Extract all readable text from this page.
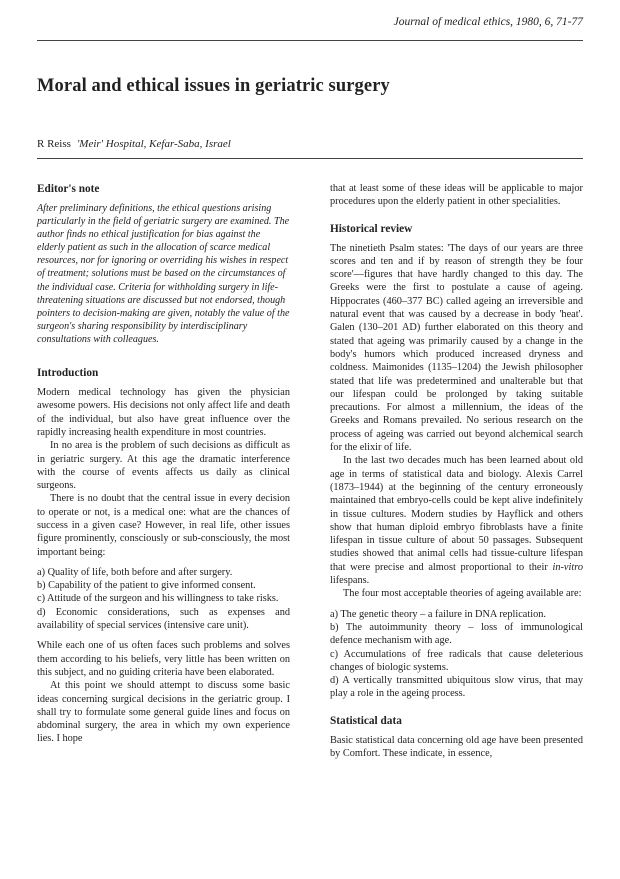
Journal of medical ethics, 1980, 6, 71-77
Moral and ethical issues in geriatric surgery
R Reiss 'Meir' Hospital, Kefar-Saba, Israel
Editor's note

After preliminary definitions, the ethical questions arising particularly in the field of geriatric surgery are examined. The author finds no ethical justification for bias against the elderly patient as such in the allocation of scarce medical resources, nor for ignoring or overriding his wishes in respect of treatment; solutions must be based on the circumstances of the individual case. Criteria for withholding surgery in life-threatening situations are discussed but not endorsed, though pointers to decision-making are given, notably the value of the surgeon's sharing responsibility by interdisciplinary consultations with colleagues.

Introduction

Modern medical technology has given the physician awesome powers. His decisions not only affect life and death of the individual, but also have great influence over the rapidly increasing health expenditure in most countries.

In no area is the problem of such decisions as difficult as in geriatric surgery. At this age the dramatic interference with the course of events affects us daily as clinical surgeons.

There is no doubt that the central issue in every decision to operate or not, is a medical one: what are the chances of success in a given case? However, in real life, other issues figure prominently, consciously or sub-consciously, the most important being:

a) Quality of life, both before and after surgery.

b) Capability of the patient to give informed consent.

c) Attitude of the surgeon and his willingness to take risks.

d) Economic considerations, such as expenses and availability of special services (intensive care unit).

While each one of us often faces such problems and solves them according to his beliefs, very little has been written on this subject, and no guiding criteria have been elaborated.

At this point we should attempt to discuss some basic ideas concerning surgical decisions in the geriatric group. I shall try to formulate some general guide lines and focus on abdominal surgery, the area in which my own experience lies. I hope

that at least some of these ideas will be applicable to major procedures upon the elderly patient in other specialities.

Historical review

The ninetieth Psalm states: 'The days of our years are three scores and ten and if by reason of strength they be four score'—figures that have hardly changed to this day. The Greeks were the first to postulate a cause of ageing. Hippocrates (460–377 BC) called ageing an irreversible and natural event that was caused by a decrease in body 'heat'. Galen (130–201 AD) further elaborated on this theory and stated that ageing was primarily caused by a change in the body's humors which produced increased dryness and coldness. Maimonides (1135–1204) the Jewish philosopher stated that life was predetermined and unalterable but that our lifespan could be prolonged by taking suitable precautions. For almost a millennium, the ideas of the Greeks and Romans prevailed. No serious research on the process of ageing was carried out beyond alchemical search for the elixir of life.

In the last two decades much has been learned about old age in terms of statistical data and biology. Alexis Carrel (1873–1944) at the beginning of the century erroneously maintained that embryo-cells could be kept alive indefinitely in tissue cultures. Modern studies by Hayflick and others show that human diploid embryo fibroblasts have a finite lifespan in tissue culture of about 50 passages. Subsequent studies showed that animal cells had tissue-culture lifespan that were precise and almost proportional to their in-vitro lifespans.

The four most acceptable theories of ageing available are:

a) The genetic theory – a failure in DNA replication.

b) The autoimmunity theory – loss of immunological defence mechanism with age.

c) Accumulations of free radicals that cause deleterious changes of biologic systems.

d) A vertically transmitted ubiquitous slow virus, that may play a role in the ageing process.

Statistical data

Basic statistical data concerning old age have been presented by Comfort. These indicate, in essence,
